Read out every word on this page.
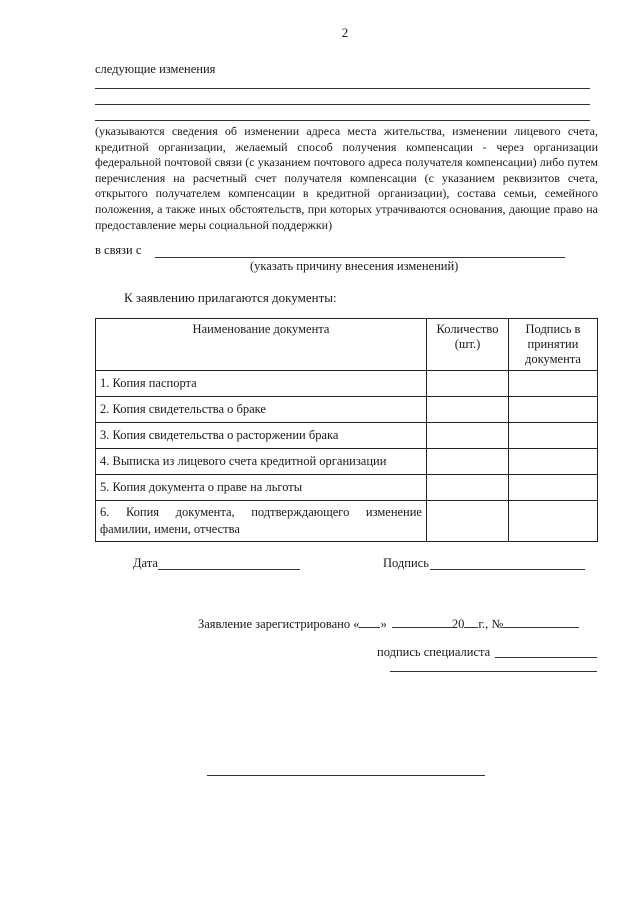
2
следующие изменения
(указываются сведения об изменении адреса места жительства, изменении лицевого счета, кредитной организации, желаемый способ получения компенсации - через организации федеральной почтовой связи (с указанием почтового адреса получателя компенсации) либо путем перечисления на расчетный счет получателя компенсации (с указанием реквизитов счета, открытого получателем компенсации в кредитной организации), состава семьи, семейного положения, а также иных обстоятельств, при которых утрачиваются основания, дающие право на предоставление меры социальной поддержки)
в связи с
(указать причину внесения изменений)
К заявлению прилагаются документы:
Наименование документа	Количество (шт.)	Подпись в принятии документа
1. Копия паспорта		
2. Копия свидетельства о браке		
3. Копия свидетельства о расторжении брака		
4. Выписка из лицевого счета кредитной организации		
5. Копия документа о праве на льготы		
6. Копия документа, подтверждающего изменение фамилии, имени, отчества		
Дата	Подпись
Заявление зарегистрировано « »	20 г., №
подпись специалиста
